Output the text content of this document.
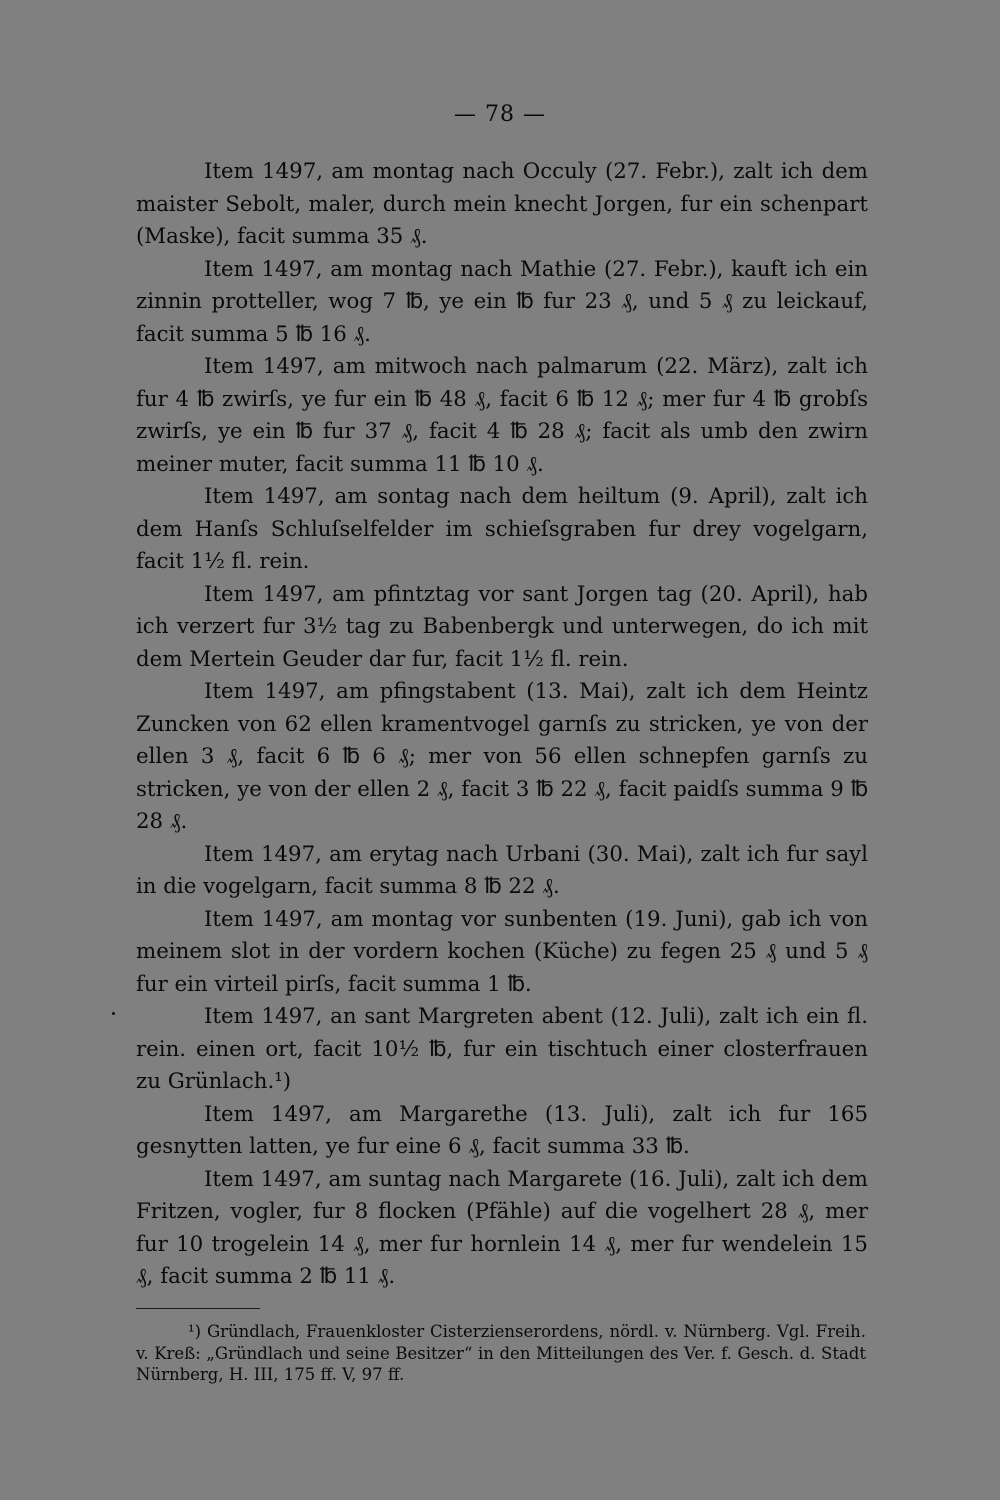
— 78 —

Item 1497, am montag nach Occuly (27. Febr.), zalt ich dem maister Sebolt, maler, durch mein knecht Jorgen, fur ein schenpart (Maske), facit summa 35 ₰.

Item 1497, am montag nach Mathie (27. Febr.), kauft ich ein zinnin protteller, wog 7 ℔, ye ein ℔ fur 23 ₰, und 5 ₰ zu leickauf, facit summa 5 ℔ 16 ₰.

Item 1497, am mitwoch nach palmarum (22. März), zalt ich fur 4 ℔ zwirſs, ye fur ein ℔ 48 ₰, facit 6 ℔ 12 ₰; mer fur 4 ℔ grobſs zwirſs, ye ein ℔ fur 37 ₰, facit 4 ℔ 28 ₰; facit als umb den zwirn meiner muter, facit summa 11 ℔ 10 ₰.

Item 1497, am sontag nach dem heiltum (9. April), zalt ich dem Hanſs Schluſselfelder im schieſsgraben fur drey vogelgarn, facit 1½ fl. rein.

Item 1497, am pfintztag vor sant Jorgen tag (20. April), hab ich verzert fur 3½ tag zu Babenbergk und unterwegen, do ich mit dem Mertein Geuder dar fur, facit 1½ fl. rein.

Item 1497, am pfingstabent (13. Mai), zalt ich dem Heintz Zuncken von 62 ellen kramentvogel garnſs zu stricken, ye von der ellen 3 ₰, facit 6 ℔ 6 ₰; mer von 56 ellen schnepfen garnſs zu stricken, ye von der ellen 2 ₰, facit 3 ℔ 22 ₰, facit paidſs summa 9 ℔ 28 ₰.

Item 1497, am erytag nach Urbani (30. Mai), zalt ich fur sayl in die vogelgarn, facit summa 8 ℔ 22 ₰.

Item 1497, am montag vor sunbenten (19. Juni), gab ich von meinem slot in der vordern kochen (Küche) zu fegen 25 ₰ und 5 ₰ fur ein virteil pirſs, facit summa 1 ℔.

Item 1497, an sant Margreten abent (12. Juli), zalt ich ein fl. rein. einen ort, facit 10½ ℔, fur ein tischtuch einer closterfrauen zu Grünlach.¹)

Item 1497, am Margarethe (13. Juli), zalt ich fur 165 gesnytten latten, ye fur eine 6 ₰, facit summa 33 ℔.

Item 1497, am suntag nach Margarete (16. Juli), zalt ich dem Fritzen, vogler, fur 8 flocken (Pfähle) auf die vogelhert 28 ₰, mer fur 10 trogelein 14 ₰, mer fur hornlein 14 ₰, mer fur wendelein 15 ₰, facit summa 2 ℔ 11 ₰.

¹) Gründlach, Frauenkloster Cisterzienserordens, nördl. v. Nürnberg. Vgl. Freih. v. Kreß: „Gründlach und seine Besitzer“ in den Mitteilungen des Ver. f. Gesch. d. Stadt Nürnberg, H. III, 175 ff. V, 97 ff.
